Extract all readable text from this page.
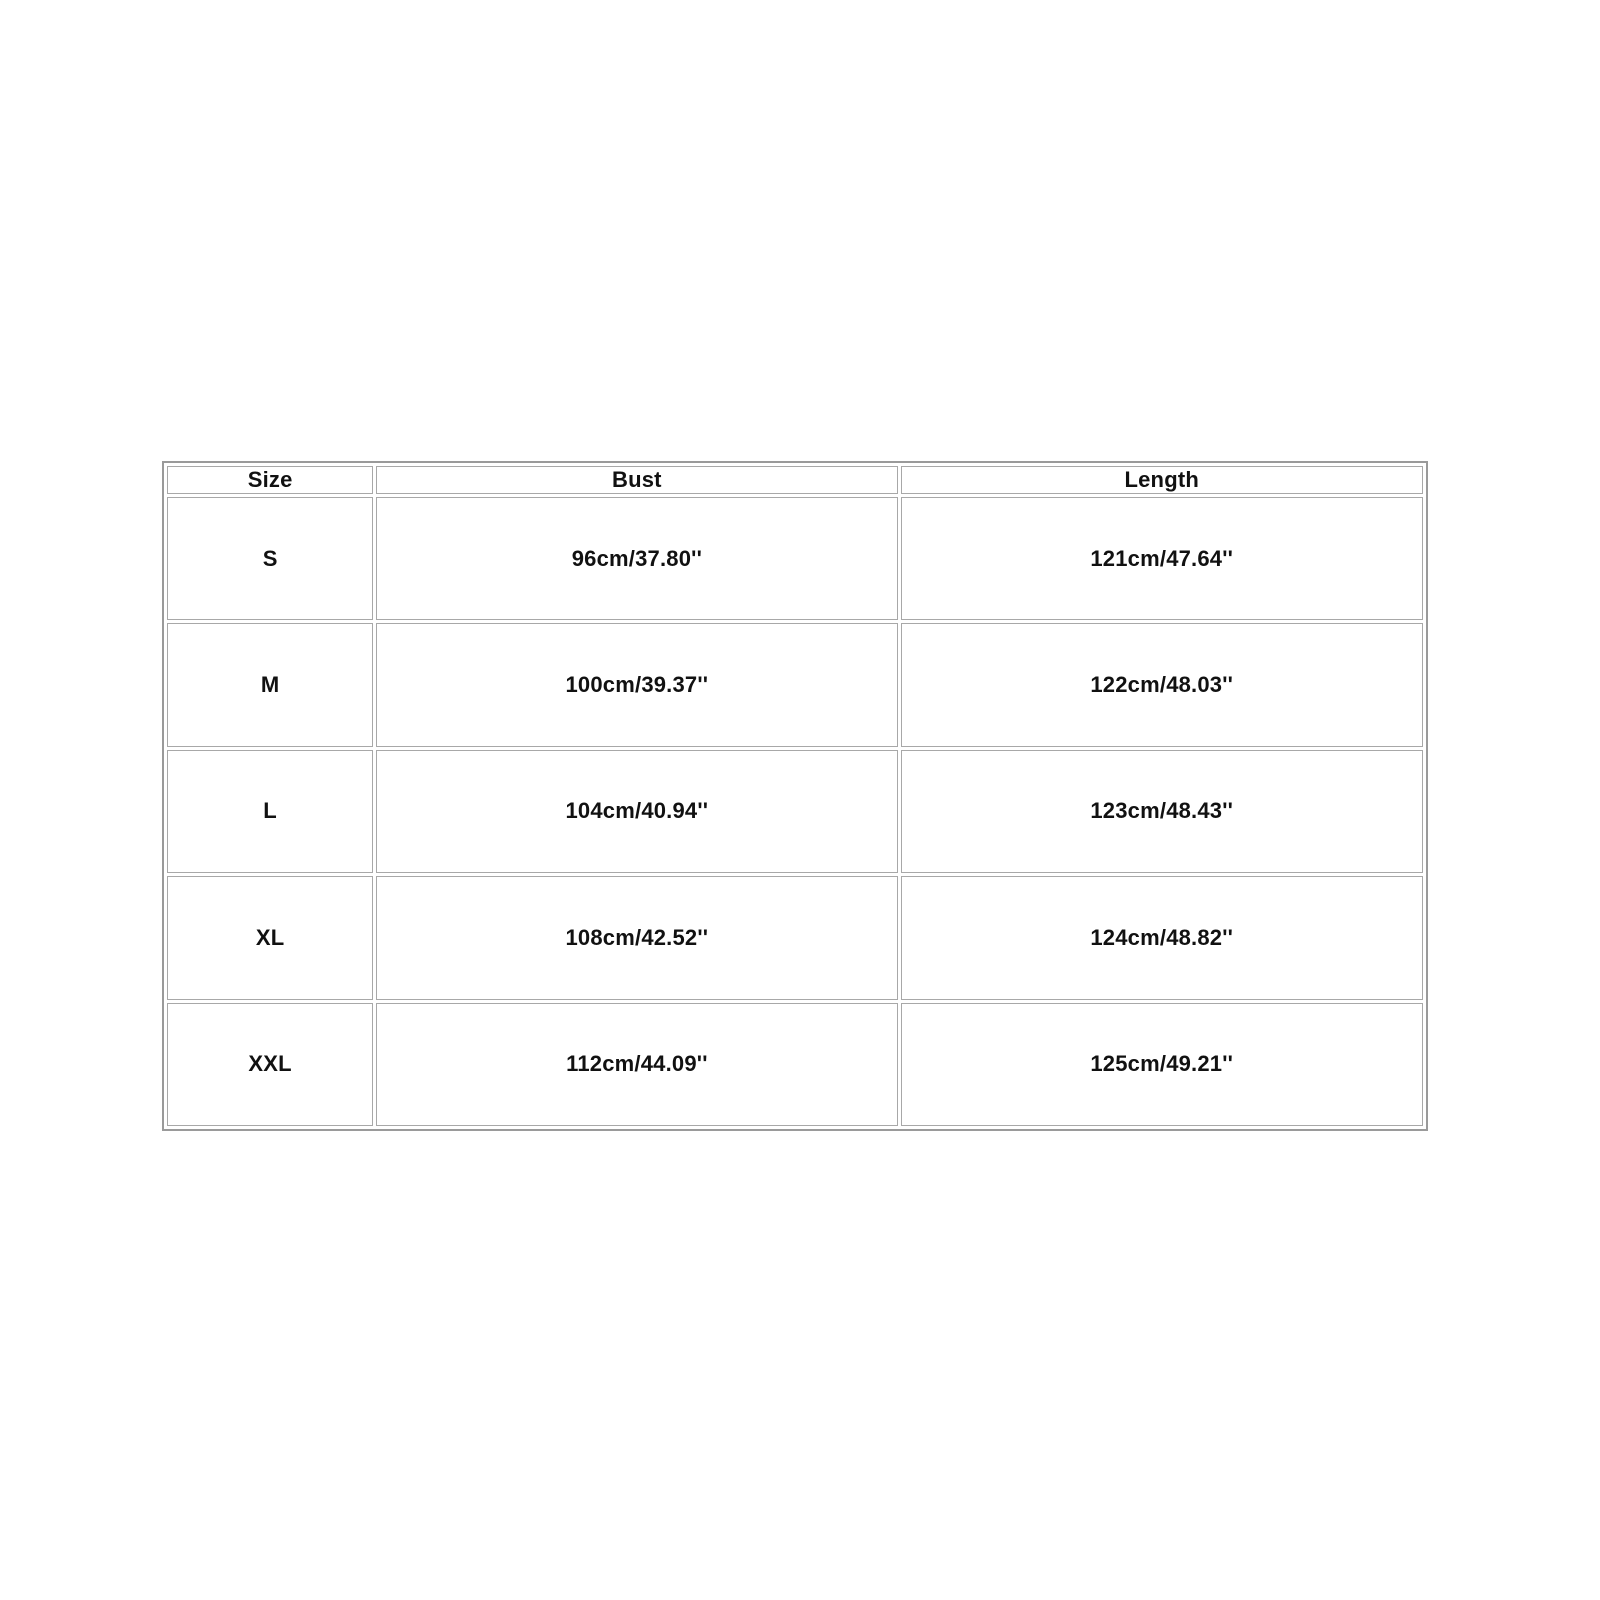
Size	Bust	Length
S	96cm/37.80''	121cm/47.64''
M	100cm/39.37''	122cm/48.03''
L	104cm/40.94''	123cm/48.43''
XL	108cm/42.52''	124cm/48.82''
XXL	112cm/44.09''	125cm/49.21''
